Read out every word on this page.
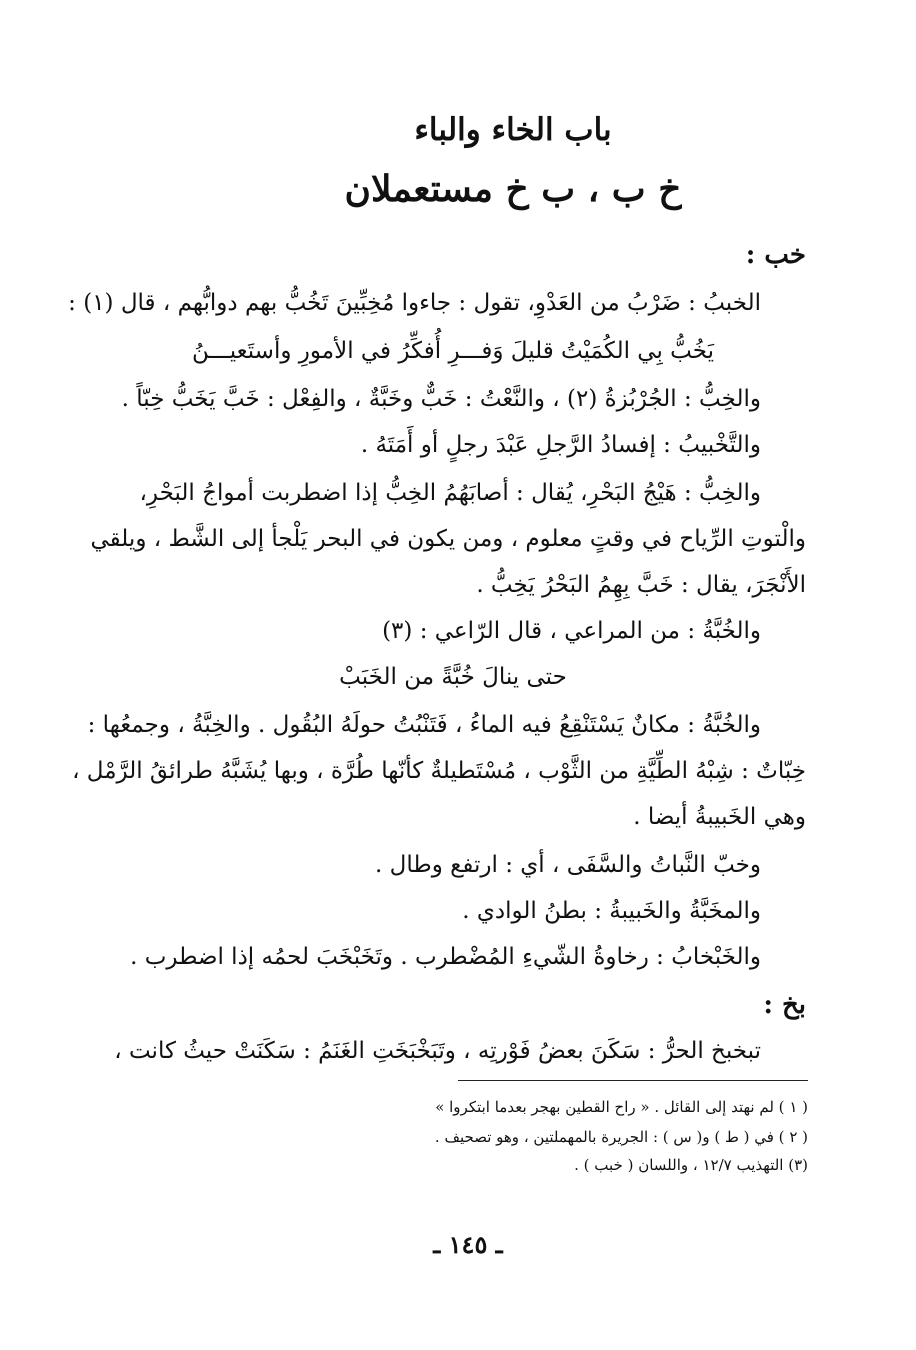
باب الخاء والباء
خ ب ، ب خ مستعملان
خب :
الخببُ : ضَرْبُ من العَدْوِ، تقول : جاءوا مُخِبِّينَ تَخُبُّ بهم دوابُّهم ، قال (١) :
يَخُبُّ بِي الكُمَيْتُ قليلَ وَفـــرِ أُفكِّرُ في الأمورِ وأستَعيـــنُ
والخِبُّ : الجُرْبُزةُ (٢) ، والنَّعْتُ : خَبٌّ وخَبَّةٌ ، والفِعْل : خَبَّ يَخَبُّ خِبّاً .
والتَّخْبيبُ : إفسادُ الرَّجلِ عَبْدَ رجلٍ أو أَمَتَهُ .
والخِبُّ : هَيْجُ البَحْرِ، يُقال : أصابَهُمُ الخِبُّ إذا اضطربت أمواجُ البَحْرِ،
والْتوتِ الرِّياح في وقتٍ معلوم ، ومن يكون في البحر يَلْجأ إلى الشَّط ، ويلقي
الأَنْجَرَ، يقال : خَبَّ بِهِمُ البَحْرُ يَخِبُّ .
والخُبَّةُ : من المراعي ، قال الرّاعي : (٣)
حتى ينالَ خُبَّةً من الخَبَبْ
والخُبَّةُ : مكانٌ يَسْتَنْقِعُ فيه الماءُ ، فَتَنْبُتُ حولَهُ البُقُول . والخِبَّةُ ، وجمعُها :
خِبّاتٌ : شِبْهُ الطِّيَّةِ من الثَّوْب ، مُسْتَطيلةٌ كأنّها طُرَّة ، وبها يُشَبَّهُ طرائقُ الرَّمْل ،
وهي الخَبيبةُ أيضا .
وخبّ النَّباتُ والسَّفَى ، أي : ارتفع وطال .
والمخَبَّةُ والخَبيبةُ : بطنُ الوادي .
والخَبْخابُ : رخاوةُ الشّيءِ المُضْطرب . وتَخَبْخَبَ لحمُه إذا اضطرب .
بخ :
تبخبخ الحرُّ : سَكَنَ بعضُ فَوْرتِه ، وتَبَخْبَخَتِ الغَنَمُ : سَكَنَتْ حيثُ كانت ،
( ١ ) لم نهتد إلى القائل . « راح القطين بهجر بعدما ابتكروا »
( ٢ ) في ( ط ) و( س ) : الجريرة بالمهملتين ، وهو تصحيف .
(٣) التهذيب ١٢/٧ ، واللسان ( خبب ) .
ـ ١٤٥ ـ
